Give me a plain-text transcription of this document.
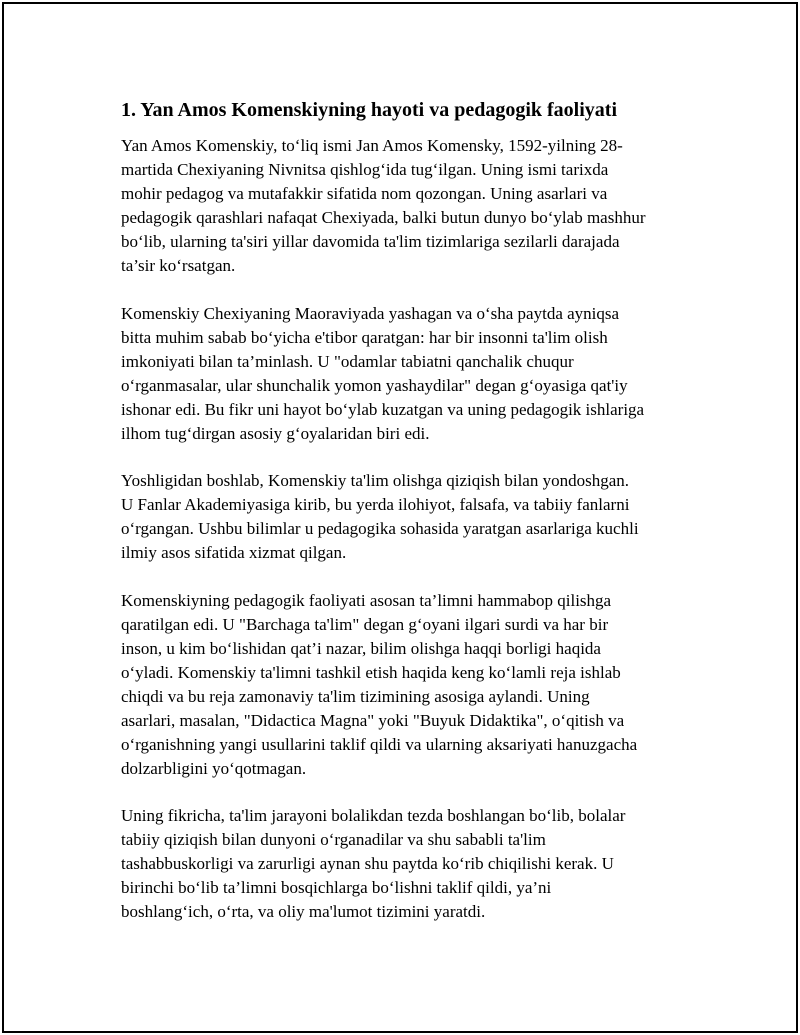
1. Yan Amos Komenskiyning hayoti va pedagogik faoliyati

Yan Amos Komenskiy, to‘liq ismi Jan Amos Komensky, 1592-yilning 28-
martida Chexiyaning Nivnitsa qishlog‘ida tug‘ilgan. Uning ismi tarixda
mohir pedagog va mutafakkir sifatida nom qozongan. Uning asarlari va
pedagogik qarashlari nafaqat Chexiyada, balki butun dunyo bo‘ylab mashhur
bo‘lib, ularning ta'siri yillar davomida ta'lim tizimlariga sezilarli darajada
ta’sir ko‘rsatgan.

Komenskiy Chexiyaning Maoraviyada yashagan va o‘sha paytda ayniqsa
bitta muhim sabab bo‘yicha e'tibor qaratgan: har bir insonni ta'lim olish
imkoniyati bilan ta’minlash. U "odamlar tabiatni qanchalik chuqur
o‘rganmasalar, ular shunchalik yomon yashaydilar" degan g‘oyasiga qat'iy
ishonar edi. Bu fikr uni hayot bo‘ylab kuzatgan va uning pedagogik ishlariga
ilhom tug‘dirgan asosiy g‘oyalaridan biri edi.

Yoshligidan boshlab, Komenskiy ta'lim olishga qiziqish bilan yondoshgan.
U Fanlar Akademiyasiga kirib, bu yerda ilohiyot, falsafa, va tabiiy fanlarni
o‘rgangan. Ushbu bilimlar u pedagogika sohasida yaratgan asarlariga kuchli
ilmiy asos sifatida xizmat qilgan.

Komenskiyning pedagogik faoliyati asosan ta’limni hammabop qilishga
qaratilgan edi. U "Barchaga ta'lim" degan g‘oyani ilgari surdi va har bir
inson, u kim bo‘lishidan qat’i nazar, bilim olishga haqqi borligi haqida
o‘yladi. Komenskiy ta'limni tashkil etish haqida keng ko‘lamli reja ishlab
chiqdi va bu reja zamonaviy ta'lim tizimining asosiga aylandi. Uning
asarlari, masalan, "Didactica Magna" yoki "Buyuk Didaktika", o‘qitish va
o‘rganishning yangi usullarini taklif qildi va ularning aksariyati hanuzgacha
dolzarbligini yo‘qotmagan.

Uning fikricha, ta'lim jarayoni bolalikdan tezda boshlangan bo‘lib, bolalar
tabiiy qiziqish bilan dunyoni o‘rganadilar va shu sababli ta'lim
tashabbuskorligi va zarurligi aynan shu paytda ko‘rib chiqilishi kerak. U
birinchi bo‘lib ta’limni bosqichlarga bo‘lishni taklif qildi, ya’ni
boshlang‘ich, o‘rta, va oliy ma'lumot tizimini yaratdi.
